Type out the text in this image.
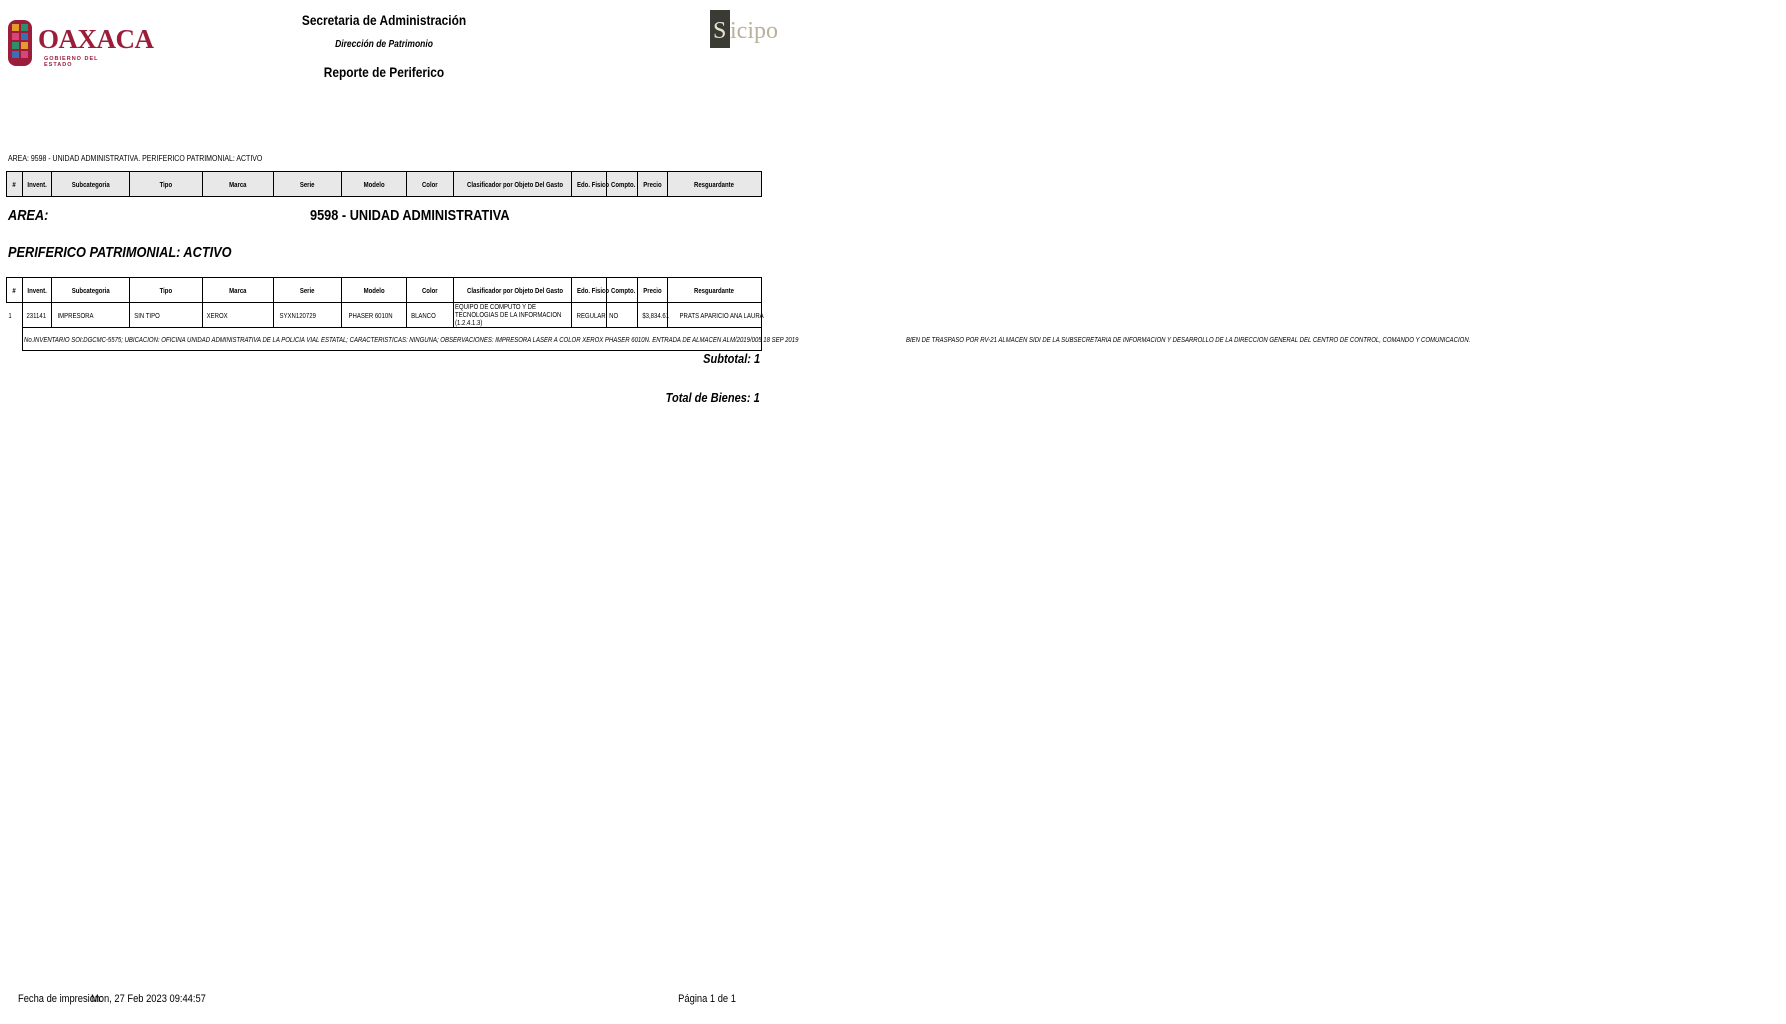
OAXACA
GOBIERNO DEL ESTADO
Secretaria de Administración
Dirección de Patrimonio
Reporte de Periferico
S icipo
AREA: 9598 - UNIDAD ADMINISTRATIVA. PERIFERICO PATRIMONIAL: ACTIVO
#	Invent.	Subcategoria	Tipo	Marca	Serie	Modelo	Color	Clasificador por Objeto Del Gasto	Edo. Fisico	Compto.	Precio	Resguardante
AREA:	9598 - UNIDAD ADMINISTRATIVA
PERIFERICO PATRIMONIAL: ACTIVO
#	Invent.	Subcategoria	Tipo	Marca	Serie	Modelo	Color	Clasificador por Objeto Del Gasto	Edo. Fisico	Compto.	Precio	Resguardante
1	231141	IMPRESORA	SIN TIPO	XEROX	SYXN120729	PHASER 6010N	BLANCO	EQUIPO DE COMPUTO Y DE TECNOLOGIAS DE LA INFORMACION (1.2.4.1.3)	REGULAR	NO	$3,834.61	PRATS APARICIO ANA LAURA
	No.INVENTARIO SOI:DGCMC-5575; UBICACION: OFICINA UNIDAD ADMINISTRATIVA DE LA POLICIA VIAL ESTATAL; CARACTERISTICAS: NINGUNA; OBSERVACIONES: IMPRESORA LASER A COLOR XEROX PHASER 6010N. ENTRADA DE ALMACEN ALM/2019/005 18 SEP 2019 BIEN DE TRASPASO POR RV-21 ALMACEN SIDI DE LA SUBSECRETARIA DE INFORMACION Y DESARROLLO DE LA DIRECCION GENERAL DEL CENTRO DE CONTROL, COMANDO Y COMUNICACION.											
Subtotal: 1
Total de Bienes: 1
Fecha de impresion:
Mon, 27 Feb 2023 09:44:57	Página 1 de 1
